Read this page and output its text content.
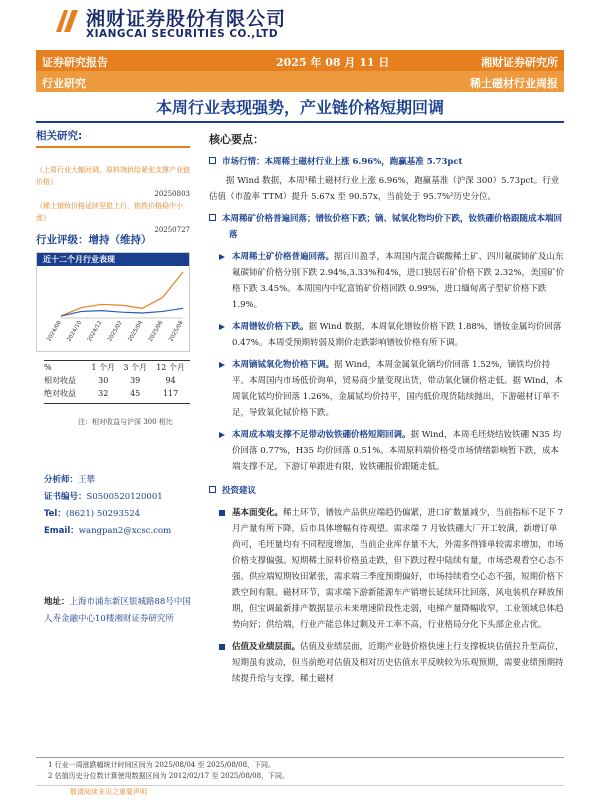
湘财证券股份有限公司
XIANGCAI SECURITIES CO.,LTD
证券研究报告	2025 年 08 月 11 日	湘财证券研究所
行业研究	稀土磁材行业周报
本周行业表现强势，产业链价格短期回调
相关研究:
《上周行业大幅回调，原料端供给紧张支撑产业链价格》
20250803
《稀土镨钕价格延续坚挺上行，锆铁价格稳中小涨》
20250727
行业评级：增持（维持）
近十二个月行业表现
2024/08 2024/10 2024/12 2025/02 2025/04 2025/06 2025/08
%	1 个月	3 个月	12 个月
相对收益	30	39	94
绝对收益	32	45	117
注：相对收益与沪深 300 相比
分析师：王攀
证书编号：S0500520120001
Tel：(8621) 50293524
Email：wangpan2@xcsc.com
地址：上海市浦东新区银城路88号中国人寿金融中心10楼湘财证券研究所
核心要点：
市场行情：本周稀土磁材行业上涨 6.96%，跑赢基准 5.73pct
据 Wind 数据，本周¹稀土磁材行业上涨 6.96%，跑赢基准（沪深 300）5.73pct。行业估值（市盈率 TTM）提升 5.67x 至 90.57x，当前处于 95.7%²历史分位。
本周稀矿价格普遍回落；镨钕价格下跌；镝、铽氧化物均价下跌，钕铁硼价格跟随成本端回落
本周稀土矿价格普遍回落。据百川盈孚，本周国内混合碳酸稀土矿、四川氟碳铈矿及山东氟碳铈矿价格分别下跌 2.94%,3.33%和4%，进口独居石矿价格下跌 2.32%，美国矿价格下跌 3.45%。本周国内中钇富铕矿价格回跌 0.99%，进口缅甸离子型矿价格下跌 1.9%。
本周镨钕价格下跌。据 Wind 数据，本周氧化镨钕价格下跌 1.88%，镨钕金属均价回落 0.47%。本周受预期转弱及期价走跌影响镨钕价格有所下调。
本周镝铽氧化物价格下调。据 Wind，本周金属氧化镝均价回落 1.52%，镝铁均价持平。本周国内市场低价询单，贸易商少量变现出货，带动氧化镝价格走低。据 Wind，本周氧化铽均价回落 1.26%，金属铽均价持平，国内低价现货陆续抛出，下游磁材订单不足，导致氧化铽价格下跌。
本周成本端支撑不足带动钕铁硼价格短期回调。据 Wind，本周毛坯烧结钕铁硼 N35 均价回落 0.77%，H35 均价回落 0.51%。本周原料端价格受市场情绪影响暂下跌，成本端支撑不足，下游订单跟进有限，钕铁硼报价跟随走低。
投资建议
基本面变化。稀土环节，镨钕产品供应端趋仍偏紧，进口矿数量减少，当前指标不足下 7 月产量有所下降，后市具体增幅有待观望。需求端 7 月钕铁硼大厂开工较满，新增订单尚可，毛坯量均有不同程度增加，当前企业库存量不大，外需多得锋单较需求增加，市场价格支撑偏强。短期稀土原料价格虽走跌，但下跌过程中陆续有量，市场恐观看空心态不强。供应端短期钕田紧张，需求端三季度预期偏好，市场持续看空心态不强，短期价格下跌空间有限。磁材环节，需求端下游新能源车产销增长延续环比回落，风电装机存释放预期，但宝调最新排产数据显示未来增速阶段性走弱，电梯产量降幅收窄，工业领域总体趋势向好；供给端，行业产能总体过剩及开工率不高，行业格局分化下头部企业占优。
估值及业绩层面。估值及业绩层面，近期产业链价格快速上行支撑板块估值拉升至高位，短期虽有波动，但当前绝对估值及相对历史估值水平反映较为乐观预期，需要业绩预期持续提升给与支撑，稀土磁材
1 行业一周涨跌幅统计时间区间为 2025/08/04 至 2025/08/08，下同。
2 估值历史分位数计算使用数据区间为 2012/02/17 至 2025/08/08，下同。
敬请阅读末页之重要声明
